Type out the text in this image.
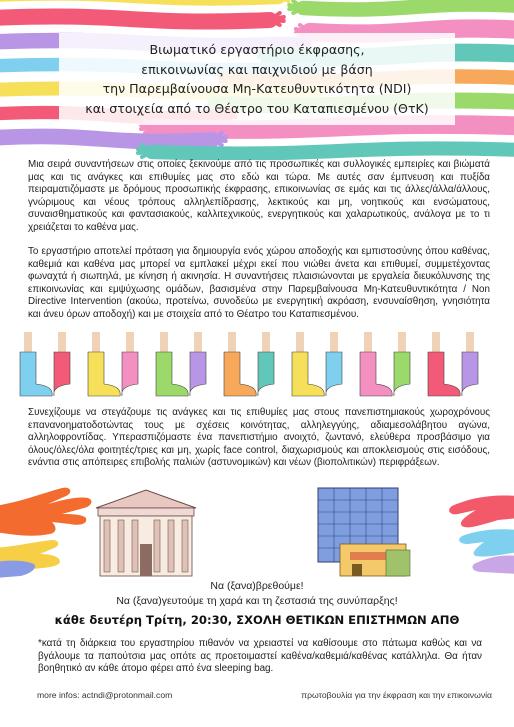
Βιωματικό εργαστήριο έκφρασης,
επικοινωνίας και παιχνιδιού με βάση
την Παρεμβαίνουσα Μη-Κατευθυντικότητα (NDI)
και στοιχεία από το Θέατρο του Καταπιεσμένου (ΘτΚ)

Μια σειρά συναντήσεων στις οποίες ξεκινούμε από τις προσωπικές και συλλογικές εμπειρίες και βιώματά μας και τις ανάγκες και επιθυμίες μας στο εδώ και τώρα. Με αυτές σαν έμπνευση και πυξίδα πειραματιζόμαστε με δρόμους προσωπικής έκφρασης, επικοινωνίας σε εμάς και τις άλλες/άλλα/άλλους, γνώριμους και νέους τρόπους αλληλεπίδρασης, λεκτικούς και μη, νοητικούς και ενσώματους, συναισθηματικούς και φαντασιακούς, καλλιτεχνικούς, ενεργητικούς και χαλαρωτικούς, ανάλογα με το τι χρειάζεται το καθένα μας.

Το εργαστήριο αποτελεί πρόταση για δημιουργία ενός χώρου αποδοχής και εμπιστοσύνης όπου καθένας, καθεμιά και καθένα μας μπορεί να εμπλακεί μέχρι εκεί που νιώθει άνετα και επιθυμεί, συμμετέχοντας φωναχτά ή σιωπηλά, με κίνηση ή ακινησία. Η συναντήσεις πλαισιώνονται με εργαλεία διευκόλυνσης της επικοινωνίας και εμψύχωσης ομάδων, βασισμένα στην Παρεμβαίνουσα Μη-Κατευθυντικότητα / Non Directive Intervention (ακούω, προτείνω, συνοδεύω με ενεργητική ακρόαση, ενσυναίσθηση, γνησιότητα και άνευ όρων αποδοχή) και με στοιχεία από το Θέατρο του Καταπιεσμένου.

Συνεχίζουμε να στεγάζουμε τις ανάγκες και τις επιθυμίες μας στους πανεπιστημιακούς χωροχρόνους επανανοηματοδοτώντας τους με σχέσεις κοινότητας, αλληλεγγύης, αδιαμεσολάβητου αγώνα, αλληλοφροντίδας. Υπερασπιζόμαστε ένα πανεπιστήμιο ανοιχτό, ζωντανό, ελεύθερα προσβάσιμο για όλους/όλες/όλα φοιτητές/τριες και μη, χωρίς face control, διαχωρισμούς και αποκλεισμούς στις εισόδους, ενάντια στις απόπειρες επιβολής παλιών (αστυνομικών) και νέων (βιοπολιτικών) περιφράξεων.

Να (ξανα)βρεθούμε!
Να (ξανα)γευτούμε τη χαρά και τη ζεστασιά της συνύπαρξης!
κάθε δευτέρη Τρίτη, 20:30, ΣΧΟΛΗ ΘΕΤΙΚΩΝ ΕΠΙΣΤΗΜΩΝ ΑΠΘ

*κατά τη διάρκεια του εργαστηρίου πιθανόν να χρειαστεί να καθίσουμε στο πάτωμα καθώς και να βγάλουμε τα παπούτσια μας οπότε ας προετοιμαστεί καθένα/καθεμιά/καθένας κατάλληλα. Θα ήταν βοηθητικό αν κάθε άτομο φέρει από ένα sleeping bag.

more infos: actndi@protonmail.com	πρωτοβουλία για την έκφραση και την επικοινωνία
